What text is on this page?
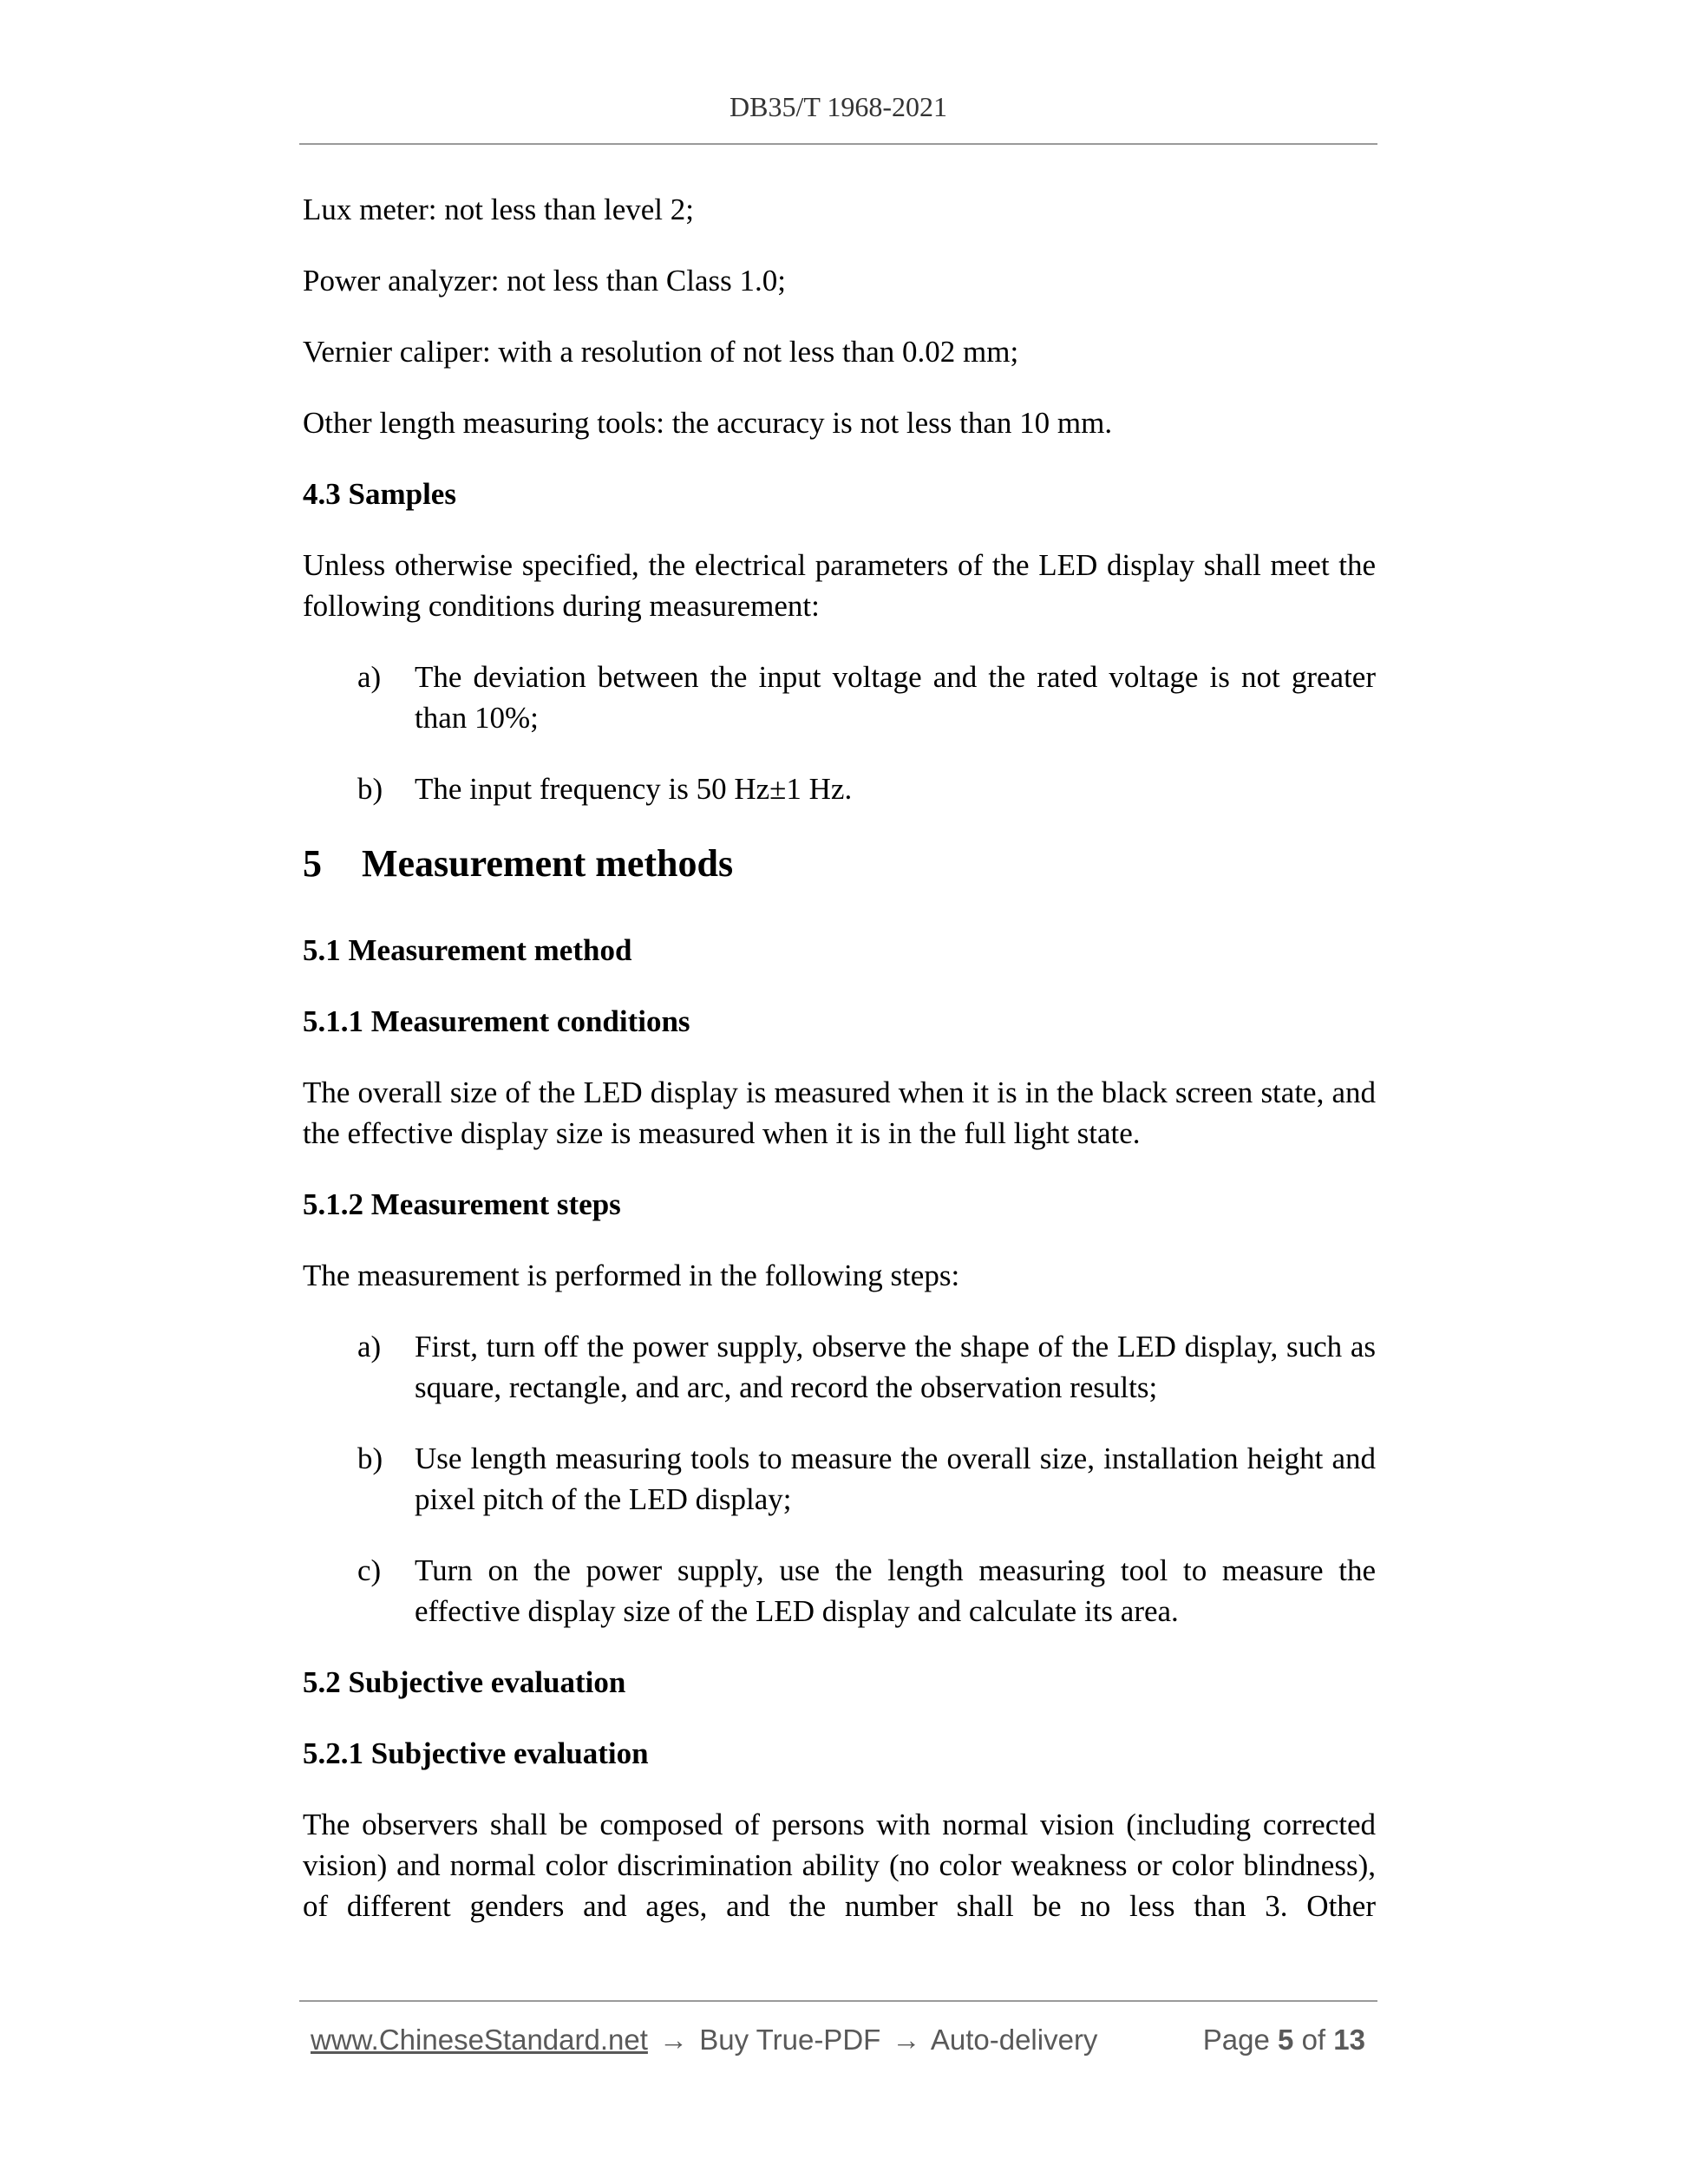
DB35/T 1968-2021

Lux meter: not less than level 2;

Power analyzer: not less than Class 1.0;

Vernier caliper: with a resolution of not less than 0.02 mm;

Other length measuring tools: the accuracy is not less than 10 mm.

4.3 Samples

Unless otherwise specified, the electrical parameters of the LED display shall meet the following conditions during measurement:

a) The deviation between the input voltage and the rated voltage is not greater than 10%;
b) The input frequency is 50 Hz±1 Hz.
5 Measurement methods
5.1 Measurement method
5.1.1 Measurement conditions

The overall size of the LED display is measured when it is in the black screen state, and the effective display size is measured when it is in the full light state.

5.1.2 Measurement steps

The measurement is performed in the following steps:

a) First, turn off the power supply, observe the shape of the LED display, such as square, rectangle, and arc, and record the observation results;
b) Use length measuring tools to measure the overall size, installation height and pixel pitch of the LED display;
c) Turn on the power supply, use the length measuring tool to measure the effective display size of the LED display and calculate its area.
5.2 Subjective evaluation
5.2.1 Subjective evaluation

The observers shall be composed of persons with normal vision (including corrected vision) and normal color discrimination ability (no color weakness or color blindness), of different genders and ages, and the number shall be no less than 3. Other

www.ChineseStandard.net → Buy True-PDF → Auto-delivery	Page 5 of 13
